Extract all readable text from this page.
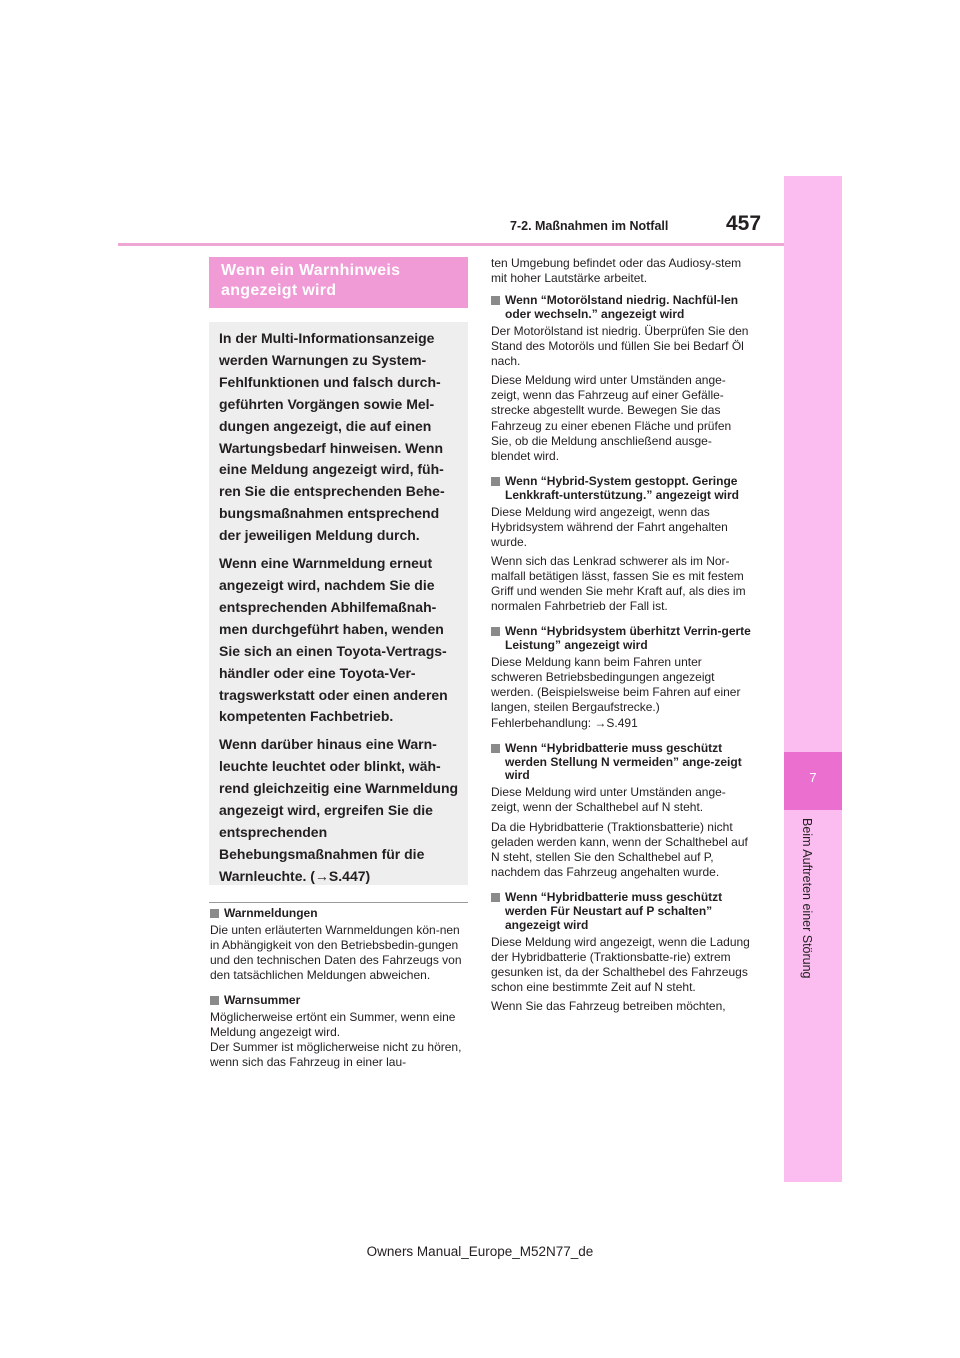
457
7-2. Maßnahmen im Notfall
7
Beim Auftreten einer Störung
Wenn ein Warnhinweis angezeigt wird

In der Multi-Informationsanzeige werden Warnungen zu System-Fehlfunktionen und falsch durch-geführten Vorgängen sowie Mel-dungen angezeigt, die auf einen Wartungsbedarf hinweisen. Wenn eine Meldung angezeigt wird, füh-ren Sie die entsprechenden Behe-bungsmaßnahmen entsprechend der jeweiligen Meldung durch.

Wenn eine Warnmeldung erneut angezeigt wird, nachdem Sie die entsprechenden Abhilfemaßnah-men durchgeführt haben, wenden Sie sich an einen Toyota-Vertrags-händler oder eine Toyota-Ver-tragswerkstatt oder einen anderen kompetenten Fachbetrieb.

Wenn darüber hinaus eine Warn-leuchte leuchtet oder blinkt, wäh-rend gleichzeitig eine Warnmeldung angezeigt wird, ergreifen Sie die entsprechenden Behebungsmaßnahmen für die Warnleuchte. (→S.447)

Warnmeldungen
Die unten erläuterten Warnmeldungen kön-nen in Abhängigkeit von den Betriebsbedin-gungen und den technischen Daten des Fahrzeugs von den tatsächlichen Meldungen abweichen.
Warnsummer
Möglicherweise ertönt ein Summer, wenn eine Meldung angezeigt wird.
Der Summer ist möglicherweise nicht zu hören, wenn sich das Fahrzeug in einer lau-
ten Umgebung befindet oder das Audiosy-stem mit hoher Lautstärke arbeitet.
Wenn “Motorölstand niedrig. Nachfül-len oder wechseln.” angezeigt wird
Der Motorölstand ist niedrig. Überprüfen Sie den Stand des Motoröls und füllen Sie bei Bedarf Öl nach.
Diese Meldung wird unter Umständen ange-zeigt, wenn das Fahrzeug auf einer Gefälle-strecke abgestellt wurde. Bewegen Sie das Fahrzeug zu einer ebenen Fläche und prüfen Sie, ob die Meldung anschließend ausge-blendet wird.
Wenn “Hybrid-System gestoppt. Geringe Lenkkraft-unterstützung.” angezeigt wird
Diese Meldung wird angezeigt, wenn das Hybridsystem während der Fahrt angehalten wurde.
Wenn sich das Lenkrad schwerer als im Nor-malfall betätigen lässt, fassen Sie es mit festem Griff und wenden Sie mehr Kraft auf, als dies im normalen Fahrbetrieb der Fall ist.
Wenn “Hybridsystem überhitzt Verrin-gerte Leistung” angezeigt wird
Diese Meldung kann beim Fahren unter schweren Betriebsbedingungen angezeigt werden. (Beispielsweise beim Fahren auf einer langen, steilen Bergaufstrecke.) Fehlerbehandlung: →S.491
Wenn “Hybridbatterie muss geschützt werden Stellung N vermeiden” ange-zeigt wird
Diese Meldung wird unter Umständen ange-zeigt, wenn der Schalthebel auf N steht.
Da die Hybridbatterie (Traktionsbatterie) nicht geladen werden kann, wenn der Schalthebel auf N steht, stellen Sie den Schalthebel auf P, nachdem das Fahrzeug angehalten wurde.
Wenn “Hybridbatterie muss geschützt werden Für Neustart auf P schalten” angezeigt wird
Diese Meldung wird angezeigt, wenn die Ladung der Hybridbatterie (Traktionsbatte-rie) extrem gesunken ist, da der Schalthebel des Fahrzeugs schon eine bestimmte Zeit auf N steht.
Wenn Sie das Fahrzeug betreiben möchten,
Owners Manual_Europe_M52N77_de
